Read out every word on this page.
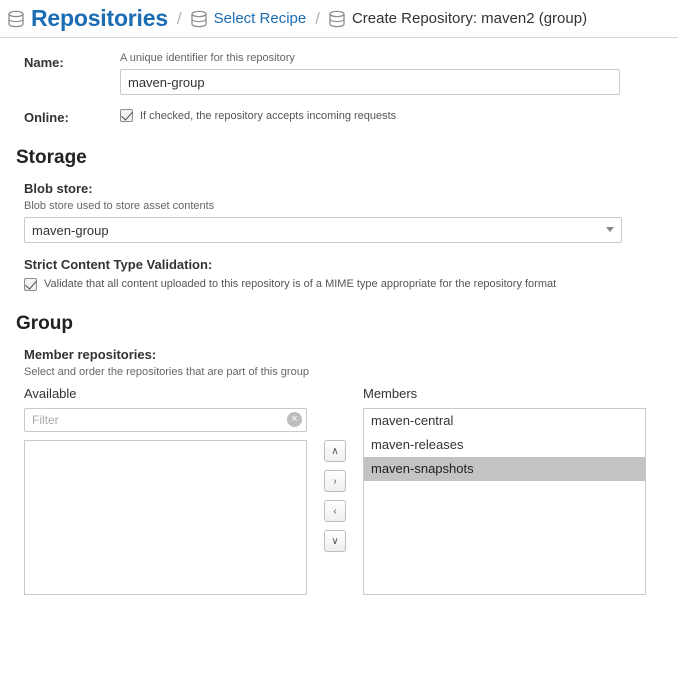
Repositories / Select Recipe / Create Repository: maven2 (group)
Name:	A unique identifier for this repository
maven-group
Online:	If checked, the repository accepts incoming requests
Storage
Blob store:
Blob store used to store asset contents
maven-group
Strict Content Type Validation:
Validate that all content uploaded to this repository is of a MIME type appropriate for the repository format
Group
Member repositories:
Select and order the repositories that are part of this group
Available
Filter
×
∧
›
‹
∨
Members
maven-central
maven-releases
maven-snapshots
